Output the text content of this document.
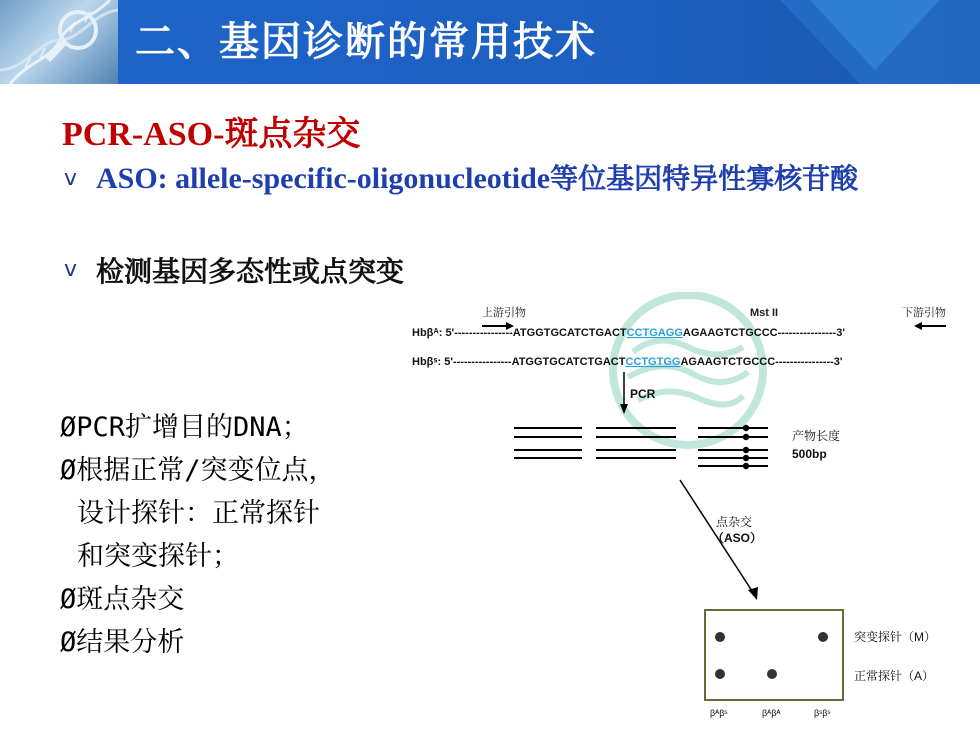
二、基因诊断的常用技术
PCR-ASO-斑点杂交
v ASO: allele-specific-oligonucleotide等位基因特异性寡核苷酸
v 检测基因多态性或点突变
ØPCR扩增目的DNA；
Ø根据正常/突变位点，
设计探针：正常探针
和突变探针；
Ø斑点杂交
Ø结果分析
上游引物	下游引物
Mst II
Hbβᴬ: 5'----------------ATGGTGCATCTGACTCCTGAGGAGAAGTCTGCCC----------------3'
Hbβˢ: 5'----------------ATGGTGCATCTGACTCCTGTGGAGAAGTCTGCCC----------------3'
PCR
产物长度
500bp
点杂交
（ASO）
突变探针（M）
正常探针（A）
βᴬβˢ	βᴬβᴬ	βˢβˢ
